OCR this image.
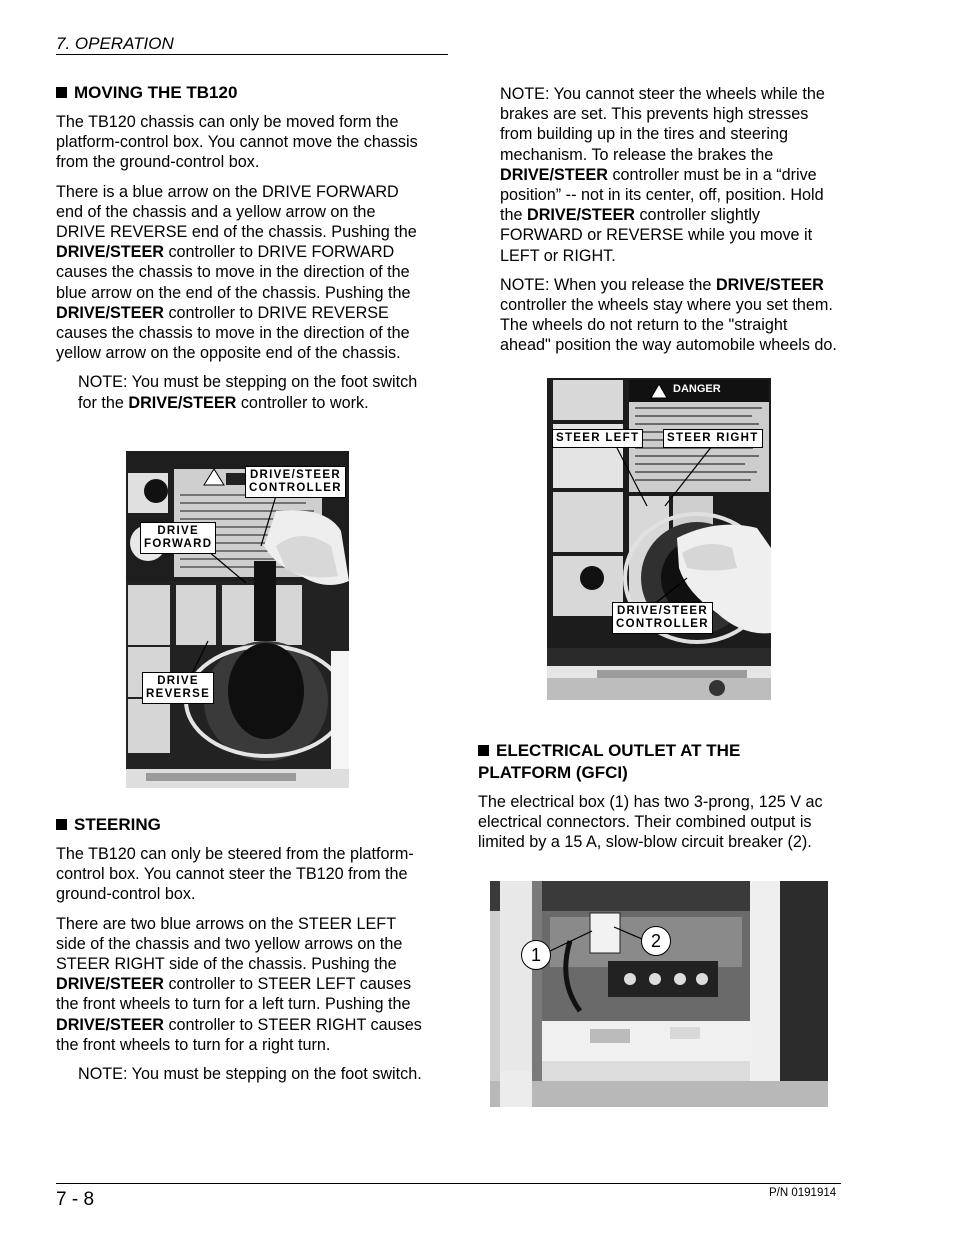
7. OPERATION
MOVING THE TB120

The TB120 chassis can only be moved form the platform-control box. You cannot move the chassis from the ground-control box.

There is a blue arrow on the DRIVE FORWARD end of the chassis and a yellow arrow on the DRIVE REVERSE end of the chassis. Pushing the DRIVE/STEER controller to DRIVE FORWARD causes the chassis to move in the direction of the blue arrow on the end of the chassis. Pushing the DRIVE/STEER controller to DRIVE REVERSE causes the chassis to move in the direction of the yellow arrow on the opposite end of the chassis.

NOTE: You must be stepping on the foot switch for the DRIVE/STEER controller to work.

DRIVE/STEER
CONTROLLER
DRIVE
FORWARD
DRIVE
REVERSE
STEERING

The TB120 can only be steered from the platform-control box. You cannot steer the TB120 from the ground-control box.

There are two blue arrows on the STEER LEFT side of the chassis and two yellow arrows on the STEER RIGHT side of the chassis. Pushing the DRIVE/STEER controller to STEER LEFT causes the front wheels to turn for a left turn. Pushing the DRIVE/STEER controller to STEER RIGHT causes the front wheels to turn for a right turn.

NOTE: You must be stepping on the foot switch.

NOTE: You cannot steer the wheels while the brakes are set. This prevents high stresses from building up in the tires and steering mechanism. To release the brakes the DRIVE/STEER controller must be in a “drive position” -- not in its center, off, position. Hold the DRIVE/STEER controller slightly FORWARD or REVERSE while you move it LEFT or RIGHT.

NOTE: When you release the DRIVE/STEER controller the wheels stay where you set them. The wheels do not return to the "straight ahead" position the way automobile wheels do.

STEER LEFT	STEER RIGHT
DRIVE/STEER
CONTROLLER
DANGER
ELECTRICAL OUTLET AT THE
PLATFORM (GFCI)

The electrical box (1) has two 3-prong, 125 V ac electrical connectors. Their combined output is limited by a 15 A, slow-blow circuit breaker (2).

1
2
7 - 8	P/N 0191914
